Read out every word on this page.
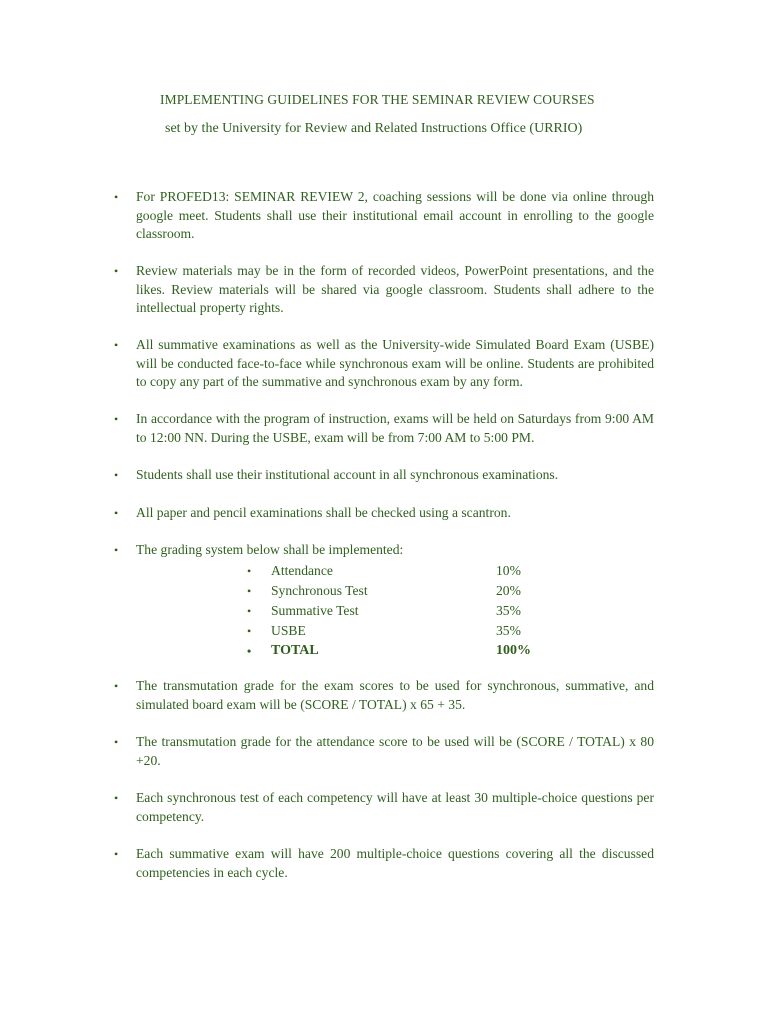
IMPLEMENTING GUIDELINES FOR THE SEMINAR REVIEW COURSES
set by the University for Review and Related Instructions Office (URRIO)
• For PROFED13: SEMINAR REVIEW 2, coaching sessions will be done via online through google meet. Students shall use their institutional email account in enrolling to the google classroom.
• Review materials may be in the form of recorded videos, PowerPoint presentations, and the likes. Review materials will be shared via google classroom. Students shall adhere to the intellectual property rights.
• All summative examinations as well as the University-wide Simulated Board Exam (USBE) will be conducted face-to-face while synchronous exam will be online. Students are prohibited to copy any part of the summative and synchronous exam by any form.
• In accordance with the program of instruction, exams will be held on Saturdays from 9:00 AM to 12:00 NN. During the USBE, exam will be from 7:00 AM to 5:00 PM.
• Students shall use their institutional account in all synchronous examinations.
• All paper and pencil examinations shall be checked using a scantron.
• The grading system below shall be implemented:
• Attendance	10%
• Synchronous Test	20%
• Summative Test	35%
• USBE	35%
• TOTAL	100%
• The transmutation grade for the exam scores to be used for synchronous, summative, and simulated board exam will be (SCORE / TOTAL) x 65 + 35.
• The transmutation grade for the attendance score to be used will be (SCORE / TOTAL) x 80 +20.
• Each synchronous test of each competency will have at least 30 multiple-choice questions per competency.
• Each summative exam will have 200 multiple-choice questions covering all the discussed competencies in each cycle.
